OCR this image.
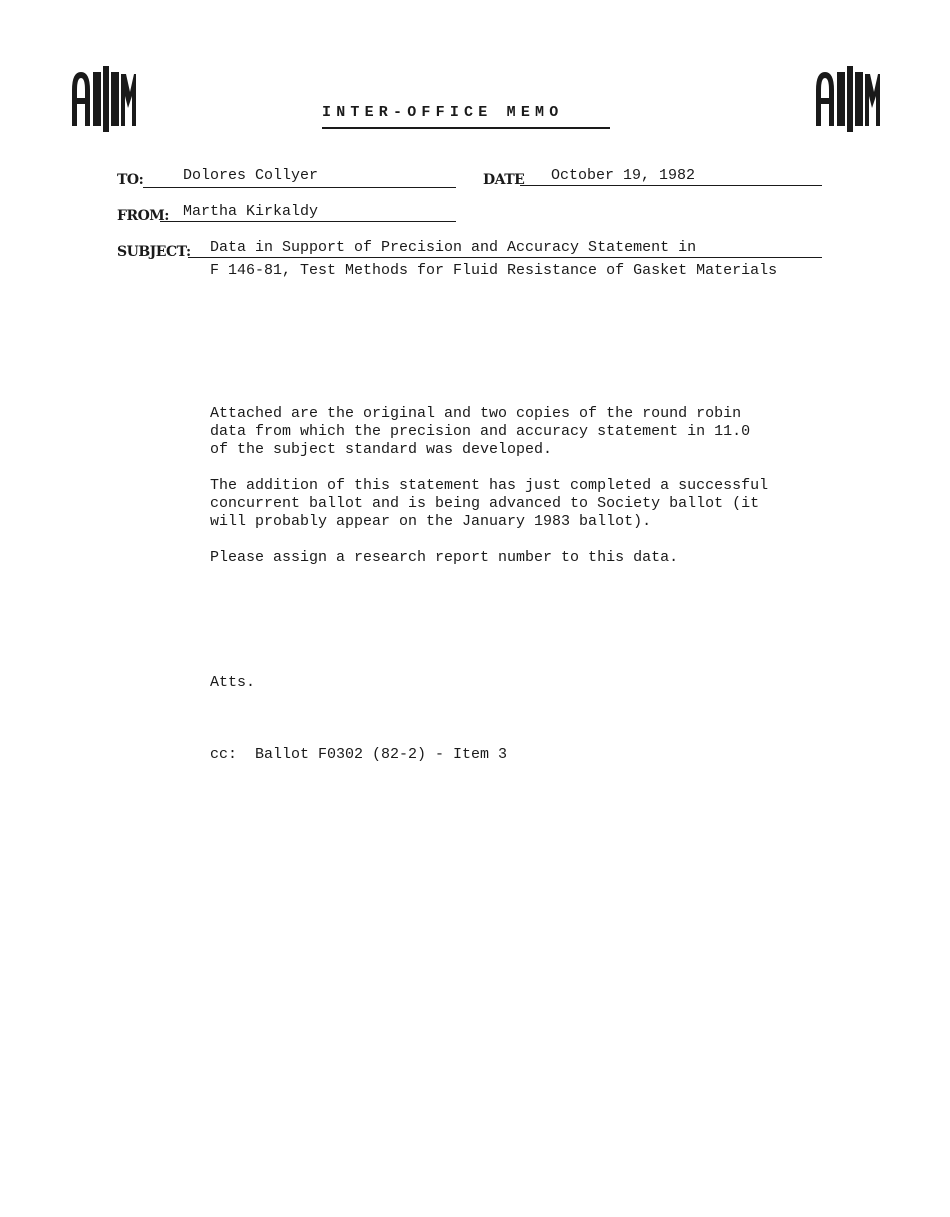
INTER-OFFICE MEMO
TO:	Dolores Collyer	DATE October 19, 1982
FROM: Martha Kirkaldy
SUBJECT: Data in Support of Precision and Accuracy Statement in
F 146-81, Test Methods for Fluid Resistance of Gasket Materials

Attached are the original and two copies of the round robin
data from which the precision and accuracy statement in 11.0
of the subject standard was developed.

The addition of this statement has just completed a successful
concurrent ballot and is being advanced to Society ballot (it
will probably appear on the January 1983 ballot).

Please assign a research report number to this data.

Atts.

cc:  Ballot F0302 (82-2) - Item 3
